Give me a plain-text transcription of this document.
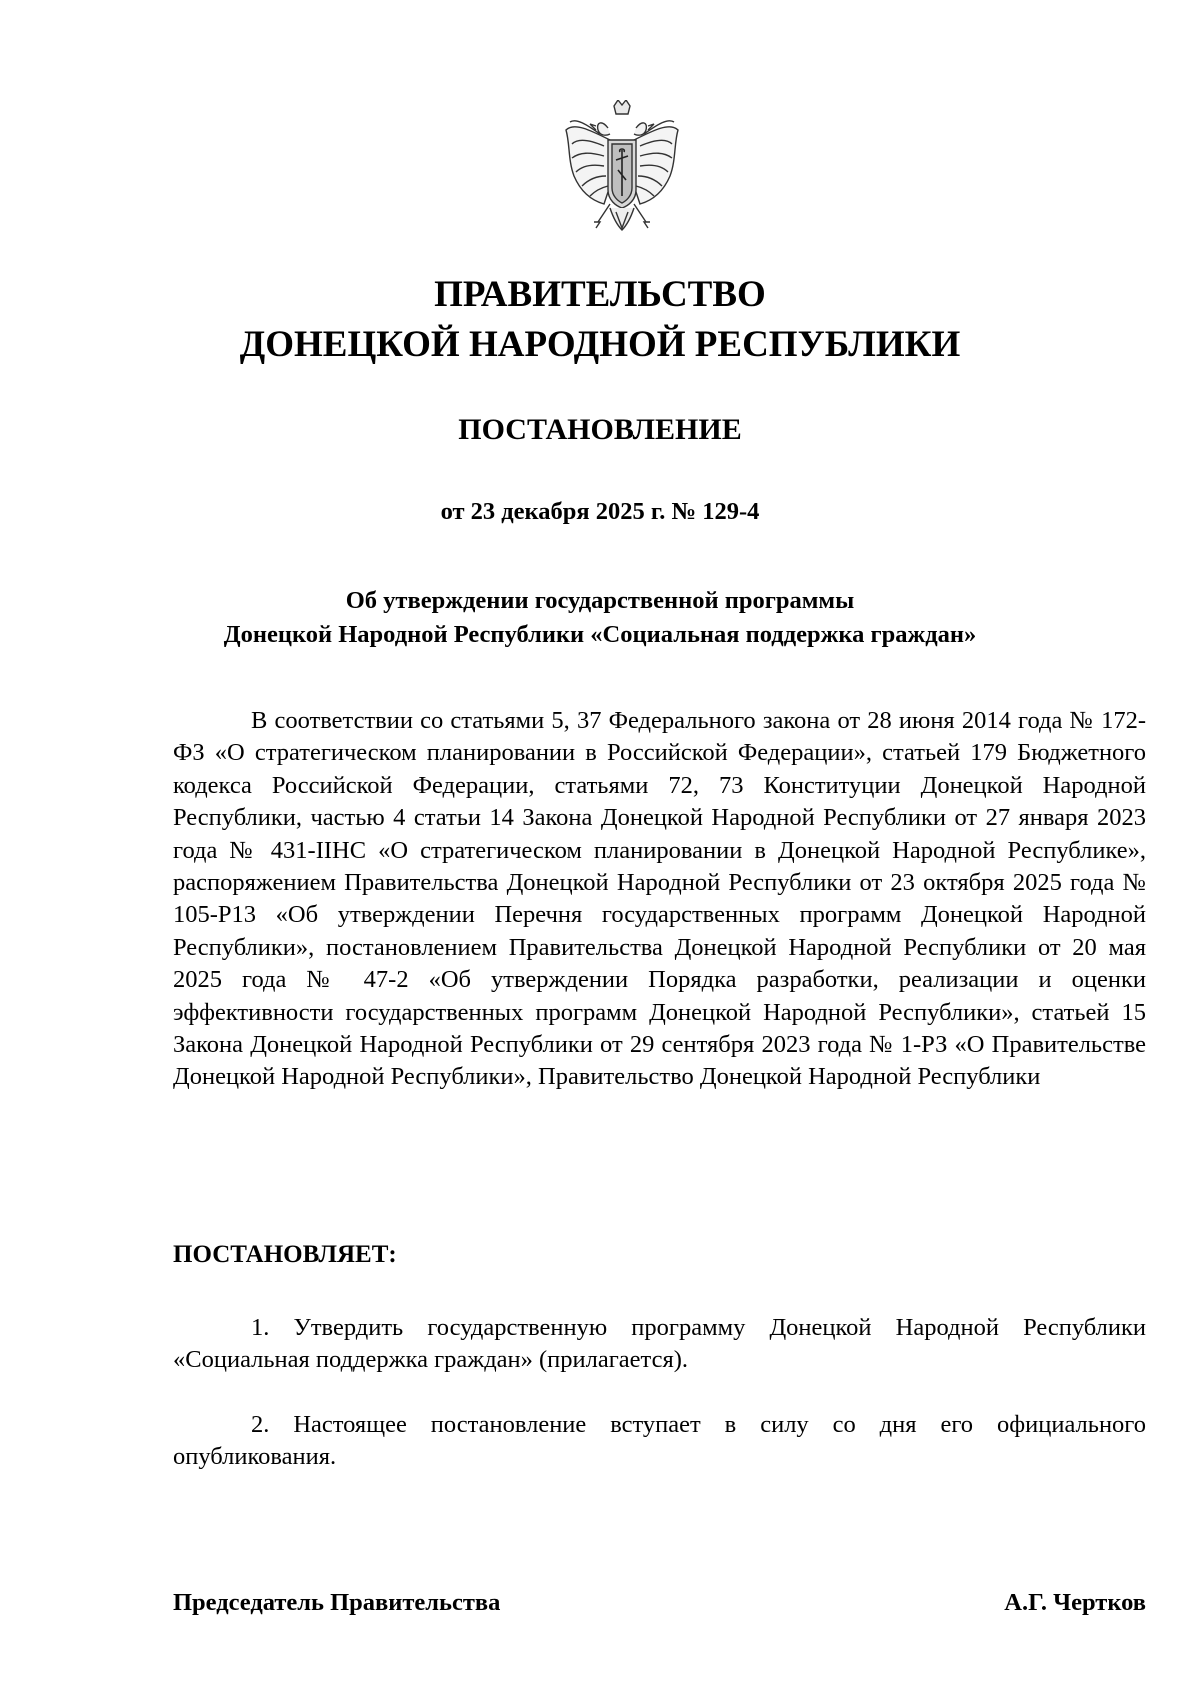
ПРАВИТЕЛЬСТВО
ДОНЕЦКОЙ НАРОДНОЙ РЕСПУБЛИКИ
ПОСТАНОВЛЕНИЕ
от 23 декабря 2025 г. № 129-4
Об утверждении государственной программы
Донецкой Народной Республики «Социальная поддержка граждан»

В соответствии со статьями 5, 37 Федерального закона от 28 июня 2014 года № 172-ФЗ «О стратегическом планировании в Российской Федерации», статьей 179 Бюджетного кодекса Российской Федерации, статьями 72, 73 Конституции Донецкой Народной Республики, частью 4 статьи 14 Закона Донецкой Народной Республики от 27 января 2023 года № 431-IIНС «О стратегическом планировании в Донецкой Народной Республике», распоряжением Правительства Донецкой Народной Республики от 23 октября 2025 года № 105-Р13 «Об утверждении Перечня государственных программ Донецкой Народной Республики», постановлением Правительства Донецкой Народной Республики от 20 мая 2025 года № 47-2 «Об утверждении Порядка разработки, реализации и оценки эффективности государственных программ Донецкой Народной Республики», статьей 15 Закона Донецкой Народной Республики от 29 сентября 2023 года № 1-РЗ «О Правительстве Донецкой Народной Республики», Правительство Донецкой Народной Республики

ПОСТАНОВЛЯЕТ:

1. Утвердить государственную программу Донецкой Народной Республики «Социальная поддержка граждан» (прилагается).

2. Настоящее постановление вступает в силу со дня его официального опубликования.

Председатель Правительства	А.Г. Чертков
